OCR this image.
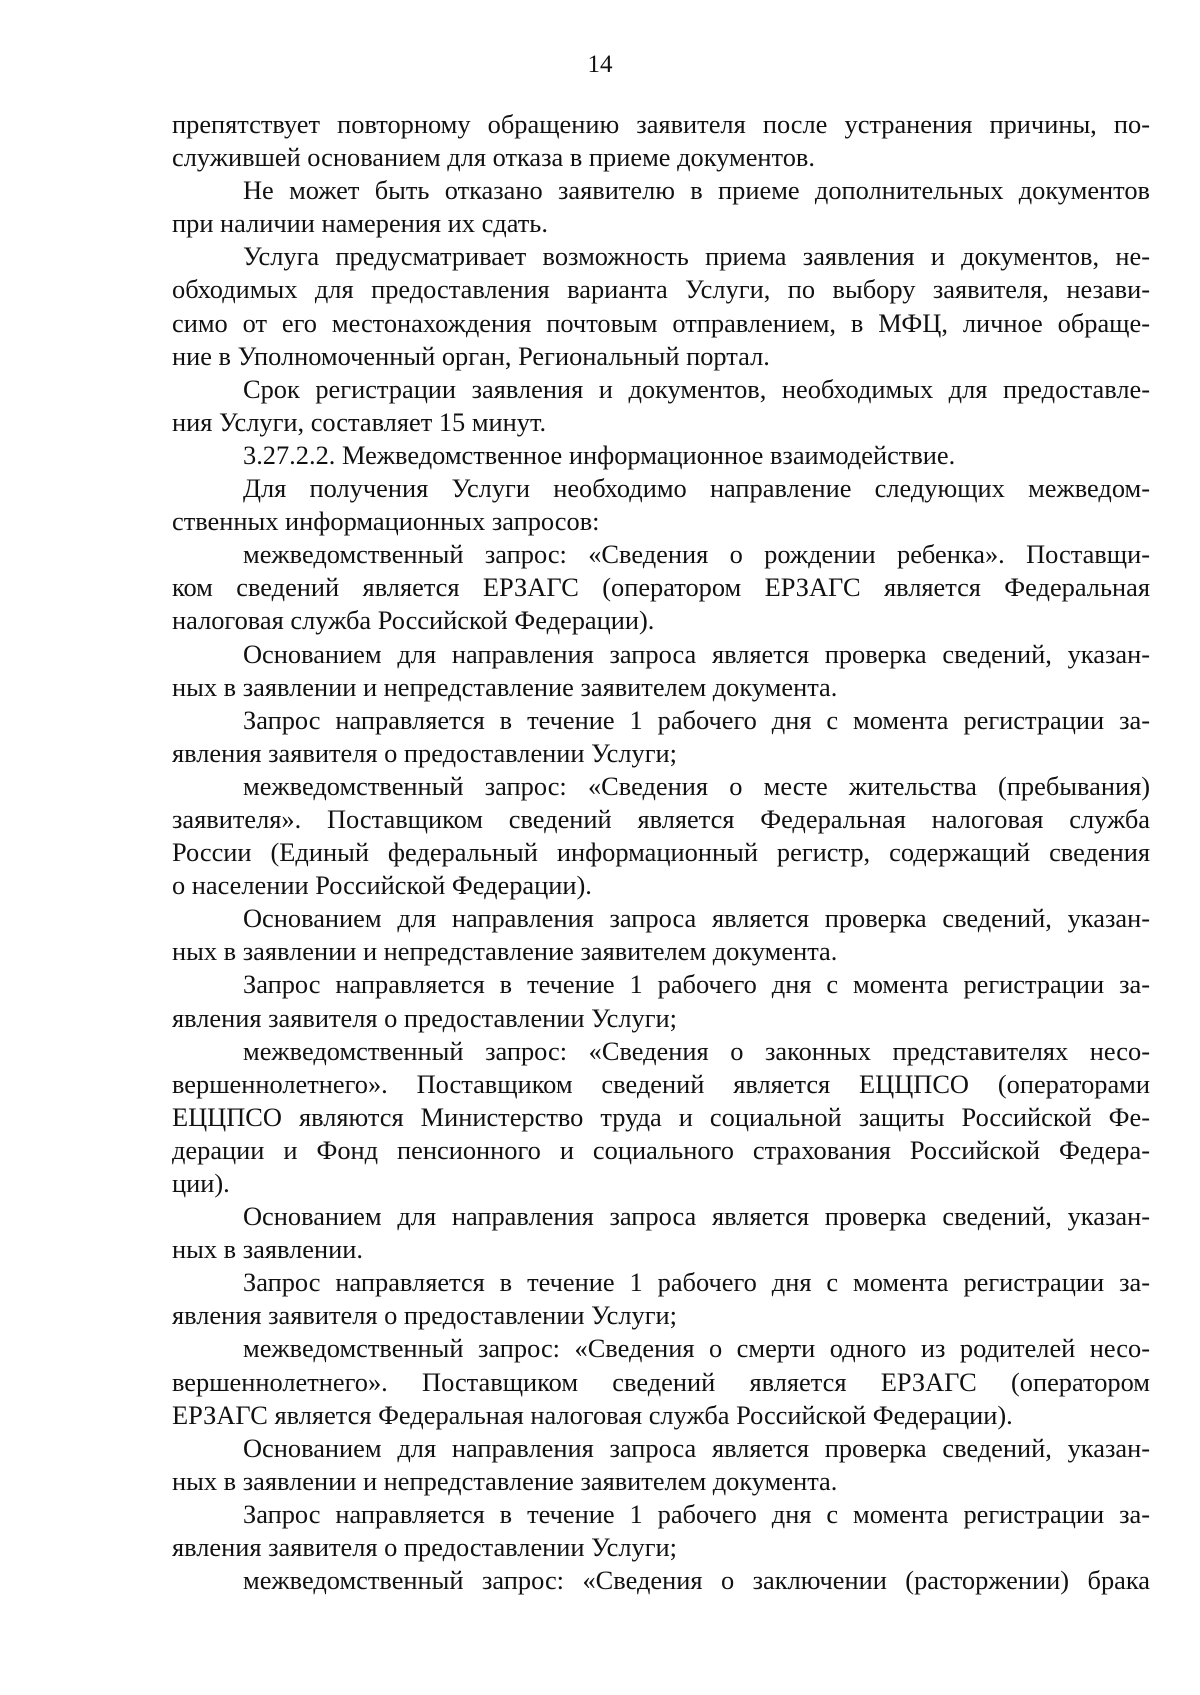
14
препятствует повторному обращению заявителя после устранения причины, по-
служившей основанием для отказа в приеме документов.
Не может быть отказано заявителю в приеме дополнительных документов
при наличии намерения их сдать.
Услуга предусматривает возможность приема заявления и документов, не-
обходимых для предоставления варианта Услуги, по выбору заявителя, незави-
симо от его местонахождения почтовым отправлением, в МФЦ, личное обраще-
ние в Уполномоченный орган, Региональный портал.
Срок регистрации заявления и документов, необходимых для предоставле-
ния Услуги, составляет 15 минут.
3.27.2.2. Межведомственное информационное взаимодействие.
Для получения Услуги необходимо направление следующих межведом-
ственных информационных запросов:
межведомственный запрос: «Сведения о рождении ребенка». Поставщи-
ком сведений является ЕРЗАГС (оператором ЕРЗАГС является Федеральная
налоговая служба Российской Федерации).
Основанием для направления запроса является проверка сведений, указан-
ных в заявлении и непредставление заявителем документа.
Запрос направляется в течение 1 рабочего дня с момента регистрации за-
явления заявителя о предоставлении Услуги;
межведомственный запрос: «Сведения о месте жительства (пребывания)
заявителя». Поставщиком сведений является Федеральная налоговая служба
России (Единый федеральный информационный регистр, содержащий сведения
о населении Российской Федерации).
Основанием для направления запроса является проверка сведений, указан-
ных в заявлении и непредставление заявителем документа.
Запрос направляется в течение 1 рабочего дня с момента регистрации за-
явления заявителя о предоставлении Услуги;
межведомственный запрос: «Сведения о законных представителях несо-
вершеннолетнего». Поставщиком сведений является ЕЦЦПСО (операторами
ЕЦЦПСО являются Министерство труда и социальной защиты Российской Фе-
дерации и Фонд пенсионного и социального страхования Российской Федера-
ции).
Основанием для направления запроса является проверка сведений, указан-
ных в заявлении.
Запрос направляется в течение 1 рабочего дня с момента регистрации за-
явления заявителя о предоставлении Услуги;
межведомственный запрос: «Сведения о смерти одного из родителей несо-
вершеннолетнего». Поставщиком сведений является ЕРЗАГС (оператором
ЕРЗАГС является Федеральная налоговая служба Российской Федерации).
Основанием для направления запроса является проверка сведений, указан-
ных в заявлении и непредставление заявителем документа.
Запрос направляется в течение 1 рабочего дня с момента регистрации за-
явления заявителя о предоставлении Услуги;
межведомственный запрос: «Сведения о заключении (расторжении) брака
